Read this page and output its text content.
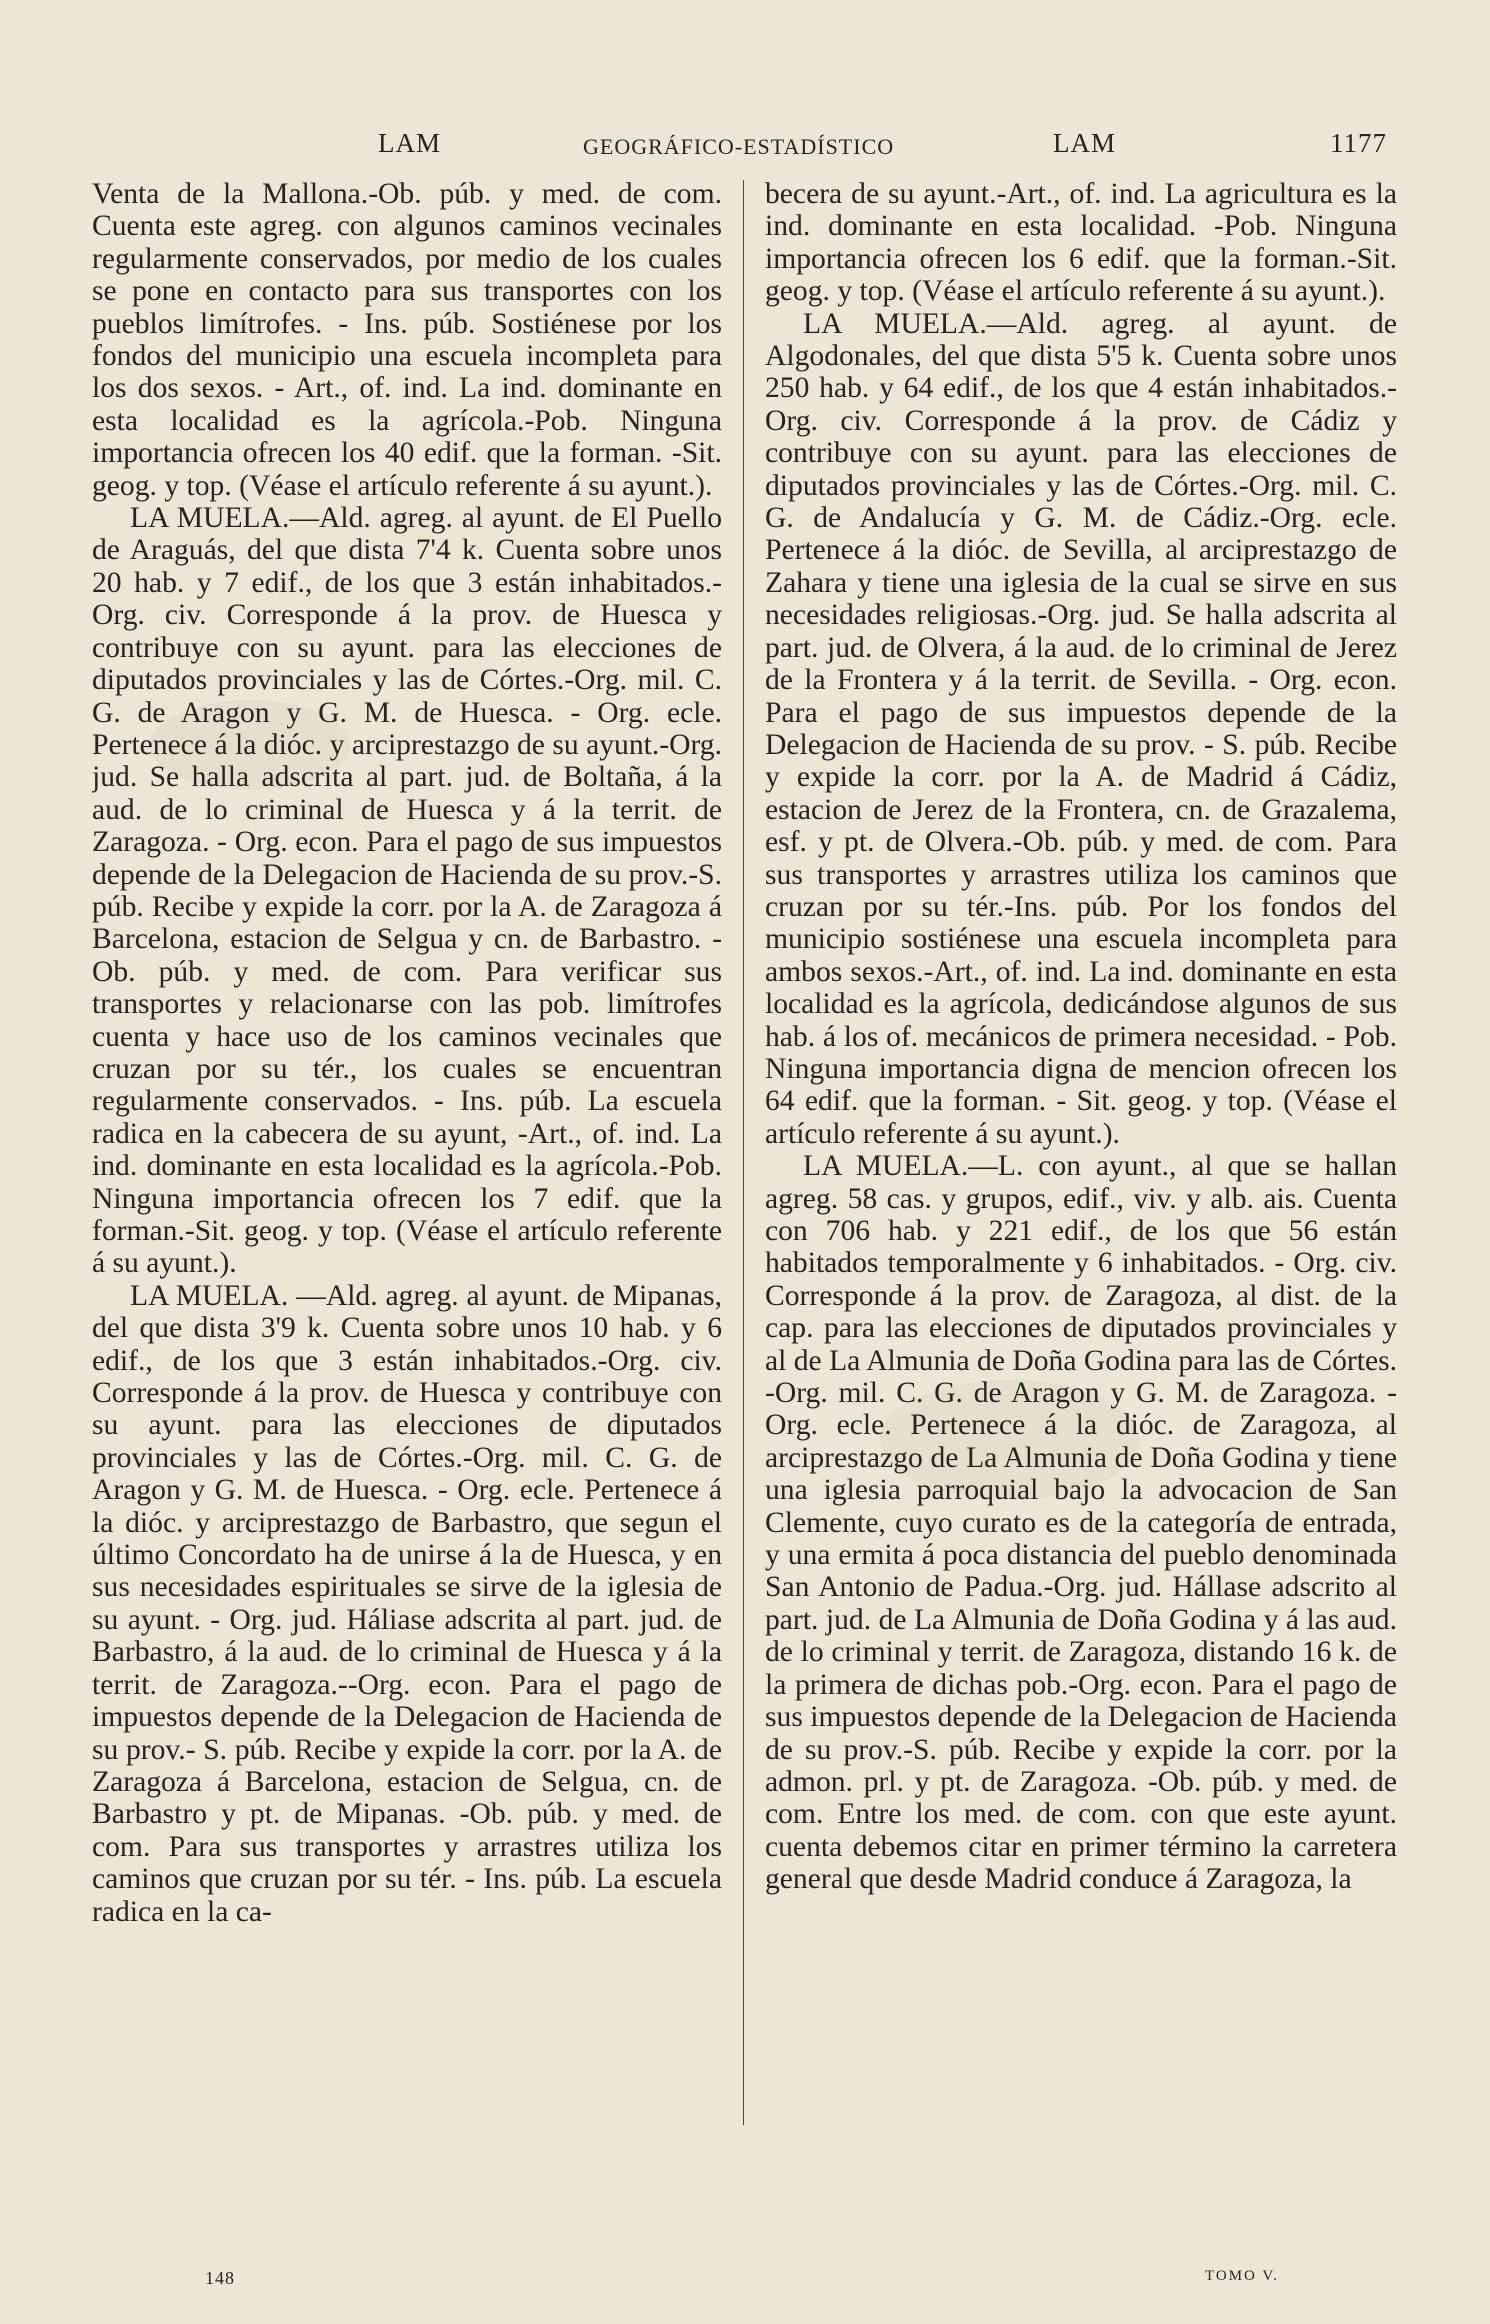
LAM	GEOGRÁFICO-ESTADÍSTICO	LAM	1177

Venta de la Mallona.-Ob. púb. y med. de com. Cuenta este agreg. con algunos caminos vecinales regularmente conservados, por medio de los cuales se pone en contacto para sus transportes con los pueblos limítrofes. - Ins. púb. Sostiénese por los fondos del municipio una escuela incompleta para los dos sexos. - Art., of. ind. La ind. dominante en esta localidad es la agrícola.-Pob. Ninguna importancia ofrecen los 40 edif. que la forman. -Sit. geog. y top. (Véase el artículo referente á su ayunt.).

LA MUELA.—Ald. agreg. al ayunt. de El Puello de Araguás, del que dista 7'4 k. Cuenta sobre unos 20 hab. y 7 edif., de los que 3 están inhabitados.-Org. civ. Corresponde á la prov. de Huesca y contribuye con su ayunt. para las elecciones de diputados provinciales y las de Córtes.-Org. mil. C. G. de Aragon y G. M. de Huesca. - Org. ecle. Pertenece á la dióc. y arciprestazgo de su ayunt.-Org. jud. Se halla adscrita al part. jud. de Boltaña, á la aud. de lo criminal de Huesca y á la territ. de Zaragoza. - Org. econ. Para el pago de sus impuestos depende de la Delegacion de Hacienda de su prov.-S. púb. Recibe y expide la corr. por la A. de Zaragoza á Barcelona, estacion de Selgua y cn. de Barbastro. - Ob. púb. y med. de com. Para verificar sus transportes y relacionarse con las pob. limítrofes cuenta y hace uso de los caminos vecinales que cruzan por su tér., los cuales se encuentran regularmente conservados. - Ins. púb. La escuela radica en la cabecera de su ayunt, -Art., of. ind. La ind. dominante en esta localidad es la agrícola.-Pob. Ninguna importancia ofrecen los 7 edif. que la forman.-Sit. geog. y top. (Véase el artículo referente á su ayunt.).

LA MUELA. —Ald. agreg. al ayunt. de Mipanas, del que dista 3'9 k. Cuenta sobre unos 10 hab. y 6 edif., de los que 3 están inhabitados.-Org. civ. Corresponde á la prov. de Huesca y contribuye con su ayunt. para las elecciones de diputados provinciales y las de Córtes.-Org. mil. C. G. de Aragon y G. M. de Huesca. - Org. ecle. Pertenece á la dióc. y arciprestazgo de Barbastro, que segun el último Concordato ha de unirse á la de Huesca, y en sus necesidades espirituales se sirve de la iglesia de su ayunt. - Org. jud. Háliase adscrita al part. jud. de Barbastro, á la aud. de lo criminal de Huesca y á la territ. de Zaragoza.--Org. econ. Para el pago de impuestos depende de la Delegacion de Hacienda de su prov.- S. púb. Recibe y expide la corr. por la A. de Zaragoza á Barcelona, estacion de Selgua, cn. de Barbastro y pt. de Mipanas. -Ob. púb. y med. de com. Para sus transportes y arrastres utiliza los caminos que cruzan por su tér. - Ins. púb. La escuela radica en la ca-

becera de su ayunt.-Art., of. ind. La agricultura es la ind. dominante en esta localidad. -Pob. Ninguna importancia ofrecen los 6 edif. que la forman.-Sit. geog. y top. (Véase el artículo referente á su ayunt.).

LA MUELA.—Ald. agreg. al ayunt. de Algodonales, del que dista 5'5 k. Cuenta sobre unos 250 hab. y 64 edif., de los que 4 están inhabitados.-Org. civ. Corresponde á la prov. de Cádiz y contribuye con su ayunt. para las elecciones de diputados provinciales y las de Córtes.-Org. mil. C. G. de Andalucía y G. M. de Cádiz.-Org. ecle. Pertenece á la dióc. de Sevilla, al arciprestazgo de Zahara y tiene una iglesia de la cual se sirve en sus necesidades religiosas.-Org. jud. Se halla adscrita al part. jud. de Olvera, á la aud. de lo criminal de Jerez de la Frontera y á la territ. de Sevilla. - Org. econ. Para el pago de sus impuestos depende de la Delegacion de Hacienda de su prov. - S. púb. Recibe y expide la corr. por la A. de Madrid á Cádiz, estacion de Jerez de la Frontera, cn. de Grazalema, esf. y pt. de Olvera.-Ob. púb. y med. de com. Para sus transportes y arrastres utiliza los caminos que cruzan por su tér.-Ins. púb. Por los fondos del municipio sostiénese una escuela incompleta para ambos sexos.-Art., of. ind. La ind. dominante en esta localidad es la agrícola, dedicándose algunos de sus hab. á los of. mecánicos de primera necesidad. - Pob. Ninguna importancia digna de mencion ofrecen los 64 edif. que la forman. - Sit. geog. y top. (Véase el artículo referente á su ayunt.).

LA MUELA.—L. con ayunt., al que se hallan agreg. 58 cas. y grupos, edif., viv. y alb. ais. Cuenta con 706 hab. y 221 edif., de los que 56 están habitados temporalmente y 6 inhabitados. - Org. civ. Corresponde á la prov. de Zaragoza, al dist. de la cap. para las elecciones de diputados provinciales y al de La Almunia de Doña Godina para las de Córtes. -Org. mil. C. G. de Aragon y G. M. de Zaragoza. - Org. ecle. Pertenece á la dióc. de Zaragoza, al arciprestazgo de La Almunia de Doña Godina y tiene una iglesia parroquial bajo la advocacion de San Clemente, cuyo curato es de la categoría de entrada, y una ermita á poca distancia del pueblo denominada San Antonio de Padua.-Org. jud. Hállase adscrito al part. jud. de La Almunia de Doña Godina y á las aud. de lo criminal y territ. de Zaragoza, distando 16 k. de la primera de dichas pob.-Org. econ. Para el pago de sus impuestos depende de la Delegacion de Hacienda de su prov.-S. púb. Recibe y expide la corr. por la admon. prl. y pt. de Zaragoza. -Ob. púb. y med. de com. Entre los med. de com. con que este ayunt. cuenta debemos citar en primer término la carretera general que desde Madrid conduce á Zaragoza, la

148	TOMO V.
